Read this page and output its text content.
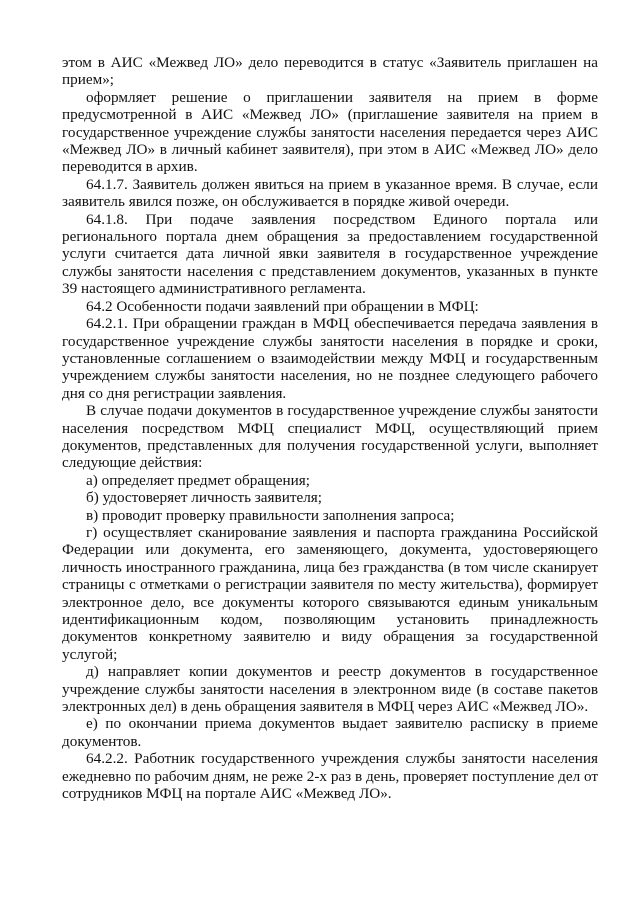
этом в АИС «Межвед ЛО» дело переводится в статус «Заявитель приглашен на прием»;

оформляет решение о приглашении заявителя на прием в форме предусмотренной в АИС «Межвед ЛО» (приглашение заявителя на прием в государственное учреждение службы занятости населения передается через АИС «Межвед ЛО» в личный кабинет заявителя), при этом в АИС «Межвед ЛО» дело переводится в архив.

64.1.7. Заявитель должен явиться на прием в указанное время. В случае, если заявитель явился позже, он обслуживается в порядке живой очереди.

64.1.8. При подаче заявления посредством Единого портала или регионального портала днем обращения за предоставлением государственной услуги считается дата личной явки заявителя в государственное учреждение службы занятости населения с представлением документов, указанных в пункте 39 настоящего административного регламента.

64.2 Особенности подачи заявлений при обращении в МФЦ:

64.2.1. При обращении граждан в МФЦ обеспечивается передача заявления в государственное учреждение службы занятости населения в порядке и сроки, установленные соглашением о взаимодействии между МФЦ и государственным учреждением службы занятости населения, но не позднее следующего рабочего дня со дня регистрации заявления.

В случае подачи документов в государственное учреждение службы занятости населения посредством МФЦ специалист МФЦ, осуществляющий прием документов, представленных для получения государственной услуги, выполняет следующие действия:

а) определяет предмет обращения;

б) удостоверяет личность заявителя;

в) проводит проверку правильности заполнения запроса;

г) осуществляет сканирование заявления и паспорта гражданина Российской Федерации или документа, его заменяющего, документа, удостоверяющего личность иностранного гражданина, лица без гражданства (в том числе сканирует страницы с отметками о регистрации заявителя по месту жительства), формирует электронное дело, все документы которого связываются единым уникальным идентификационным кодом, позволяющим установить принадлежность документов конкретному заявителю и виду обращения за государственной услугой;

д) направляет копии документов и реестр документов в государственное учреждение службы занятости населения в электронном виде (в составе пакетов электронных дел) в день обращения заявителя в МФЦ через АИС «Межвед ЛО».

е) по окончании приема документов выдает заявителю расписку в приеме документов.

64.2.2. Работник государственного учреждения службы занятости населения ежедневно по рабочим дням, не реже 2-х раз в день, проверяет поступление дел от сотрудников МФЦ на портале АИС «Межвед ЛО».
